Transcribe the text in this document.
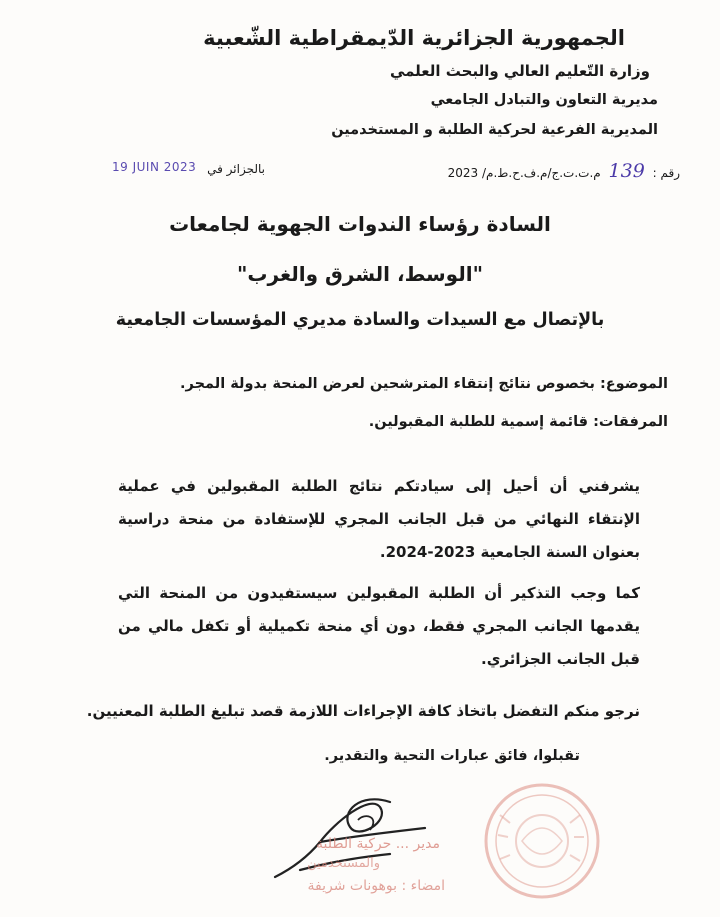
الجمهورية الجزائرية الدّيمقراطية الشّعبية
وزارة التّعليم العالي والبحث العلمي
مديرية التعاون والتبادل الجامعي
المديرية الفرعية لحركية الطلبة و المستخدمين
رقم : 139 م.ت.ت.ج/م.ف.ح.ط.م/ 2023
بالجزائر في
19 JUIN 2023
السادة رؤساء الندوات الجهوية لجامعات
"الوسط، الشرق والغرب"
بالإتصال مع السيدات والسادة مديري المؤسسات الجامعية
الموضوع: بخصوص نتائج إنتقاء المترشحين لعرض المنحة بدولة المجر.
المرفقات: قائمة إسمية للطلبة المقبولين.
يشرفني أن أحيل إلى سيادتكم نتائج الطلبة المقبولين في عملية الإنتقاء النهائي من قبل الجانب المجري للإستفادة من منحة دراسية بعنوان السنة الجامعية 2023-2024.
كما وجب التذكير أن الطلبة المقبولين سيستفيدون من المنحة التي يقدمها الجانب المجري فقط، دون أي منحة تكميلية أو تكفل مالي من قبل الجانب الجزائري.
نرجو منكم التفضل باتخاذ كافة الإجراءات اللازمة قصد تبليغ الطلبة المعنيين.
تقبلوا، فائق عبارات التحية والتقدير.
مدير ... حركية الطلبة
والمستخدمين
امضاء : بوهونات شريفة
